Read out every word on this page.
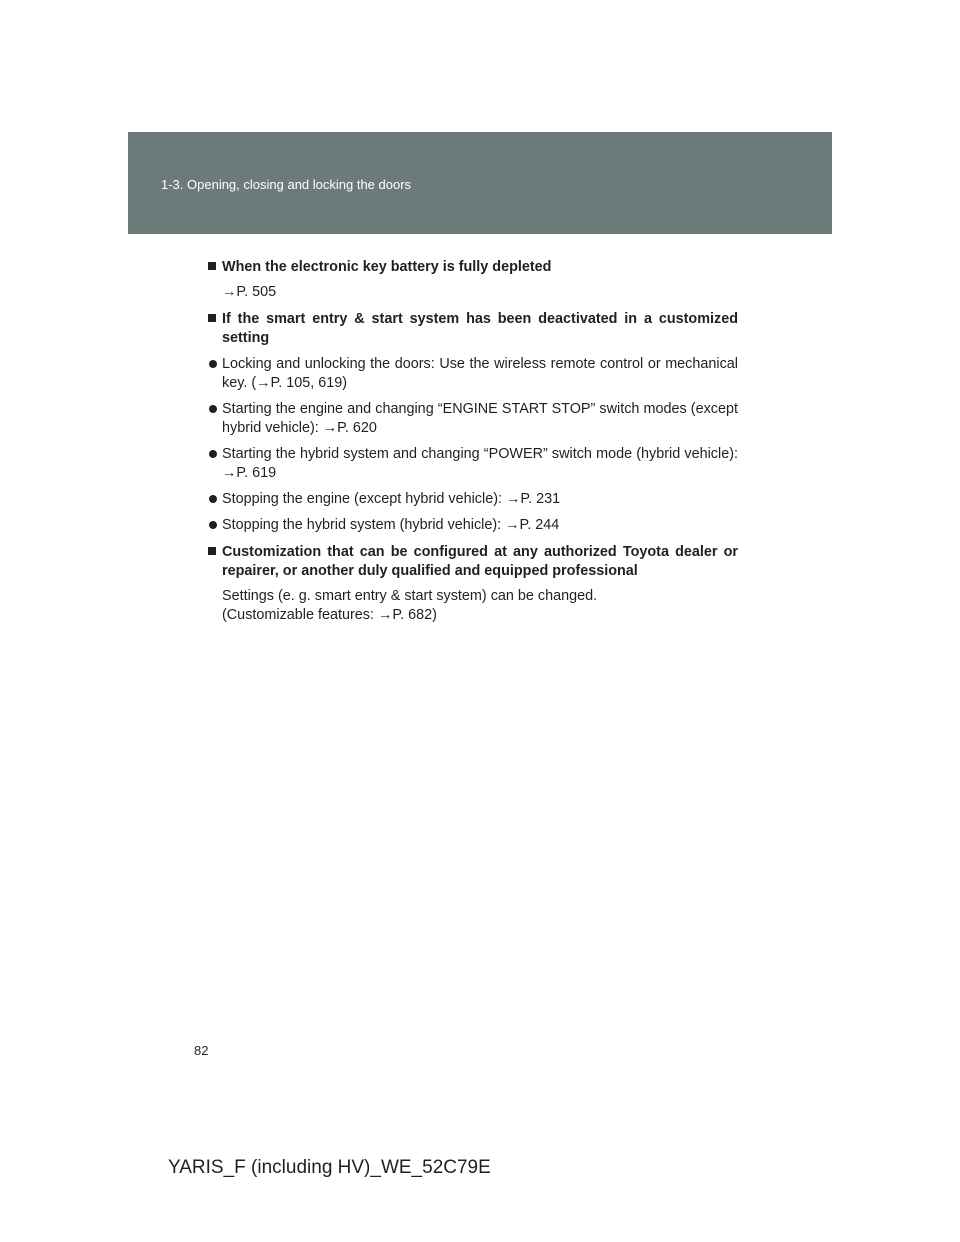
1-3. Opening, closing and locking the doors
When the electronic key battery is fully depleted
→P. 505
If the smart entry & start system has been deactivated in a customized setting
Locking and unlocking the doors: Use the wireless remote control or mechanical key. (→P. 105, 619)
Starting the engine and changing “ENGINE START STOP” switch modes (except hybrid vehicle): →P. 620
Starting the hybrid system and changing “POWER” switch mode (hybrid vehicle): →P. 619
Stopping the engine (except hybrid vehicle): →P. 231
Stopping the hybrid system (hybrid vehicle): →P. 244
Customization that can be configured at any authorized Toyota dealer or repairer, or another duly qualified and equipped professional
Settings (e. g. smart entry & start system) can be changed.
(Customizable features: →P. 682)
82
YARIS_F (including HV)_WE_52C79E
